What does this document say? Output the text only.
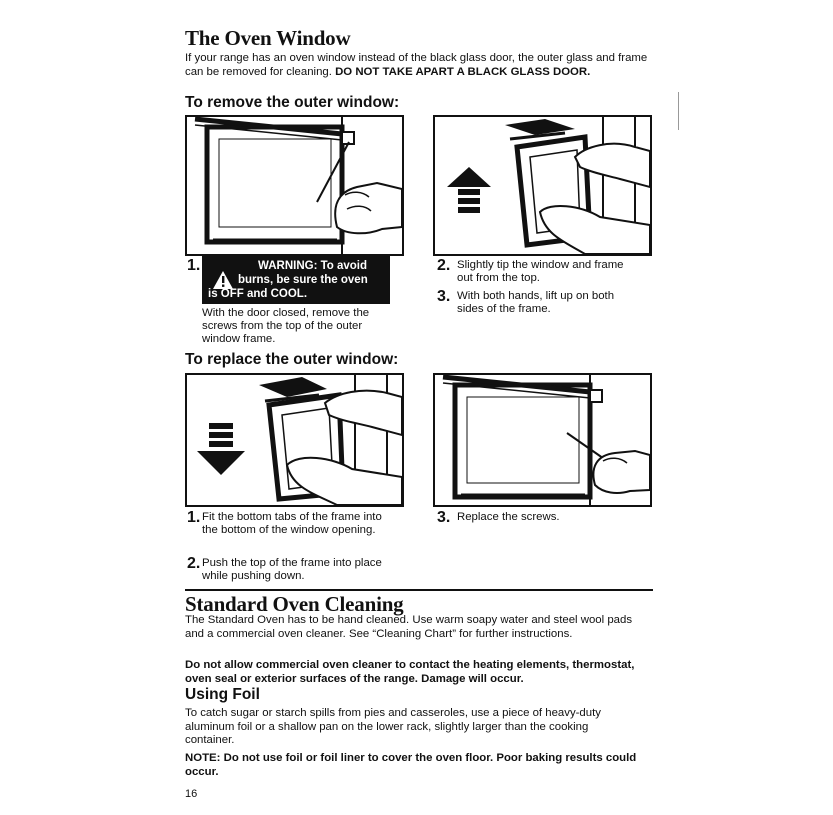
The Oven Window
If your range has an oven window instead of the black glass door, the outer glass and frame can be removed for cleaning. DO NOT TAKE APART A BLACK GLASS DOOR.
To remove the outer window:
1.	WARNING: To avoid
burns, be sure the oven
is OFF and COOL.
With the door closed, remove the screws from the top of the outer window frame.
2. Slightly tip the window and frame out from the top.
3. With both hands, lift up on both sides of the frame.
To replace the outer window:
1. Fit the bottom tabs of the frame into the bottom of the window opening.
2. Push the top of the frame into place while pushing down.
3. Replace the screws.
Standard Oven Cleaning
The Standard Oven has to be hand cleaned. Use warm soapy water and steel wool pads and a commercial oven cleaner. See “Cleaning Chart” for further instructions.
Do not allow commercial oven cleaner to contact the heating elements, thermostat, oven seal or exterior surfaces of the range. Damage will occur.
Using Foil
To catch sugar or starch spills from pies and casseroles, use a piece of heavy-duty aluminum foil or a shallow pan on the lower rack, slightly larger than the cooking container.
NOTE: Do not use foil or foil liner to cover the oven floor. Poor baking results could occur.
16
